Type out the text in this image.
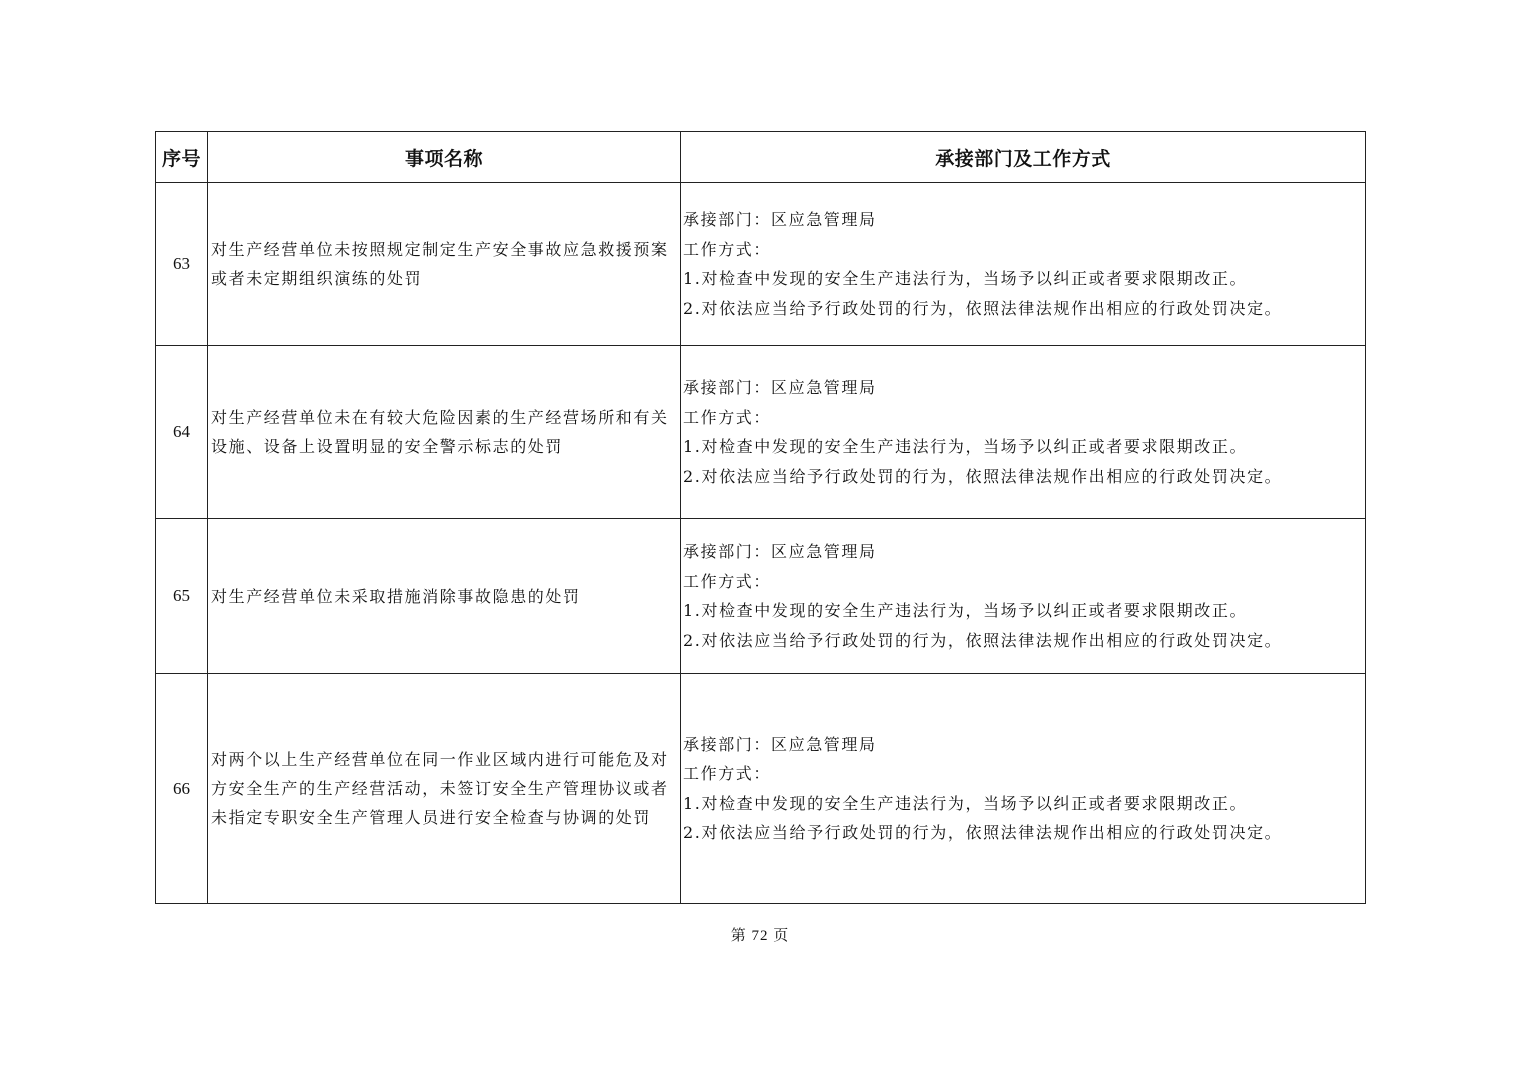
序号	事项名称	承接部门及工作方式
63	对生产经营单位未按照规定制定生产安全事故应急救援预案或者未定期组织演练的处罚	承接部门：区应急管理局
工作方式：
1.对检查中发现的安全生产违法行为，当场予以纠正或者要求限期改正。
2.对依法应当给予行政处罚的行为，依照法律法规作出相应的行政处罚决定。

64	对生产经营单位未在有较大危险因素的生产经营场所和有关设施、设备上设置明显的安全警示标志的处罚	承接部门：区应急管理局
工作方式：
1.对检查中发现的安全生产违法行为，当场予以纠正或者要求限期改正。
2.对依法应当给予行政处罚的行为，依照法律法规作出相应的行政处罚决定。

65	对生产经营单位未采取措施消除事故隐患的处罚	承接部门：区应急管理局
工作方式：
1.对检查中发现的安全生产违法行为，当场予以纠正或者要求限期改正。
2.对依法应当给予行政处罚的行为，依照法律法规作出相应的行政处罚决定。

66	对两个以上生产经营单位在同一作业区域内进行可能危及对方安全生产的生产经营活动，未签订安全生产管理协议或者未指定专职安全生产管理人员进行安全检查与协调的处罚	承接部门：区应急管理局
工作方式：
1.对检查中发现的安全生产违法行为，当场予以纠正或者要求限期改正。
2.对依法应当给予行政处罚的行为，依照法律法规作出相应的行政处罚决定。
第 72 页
